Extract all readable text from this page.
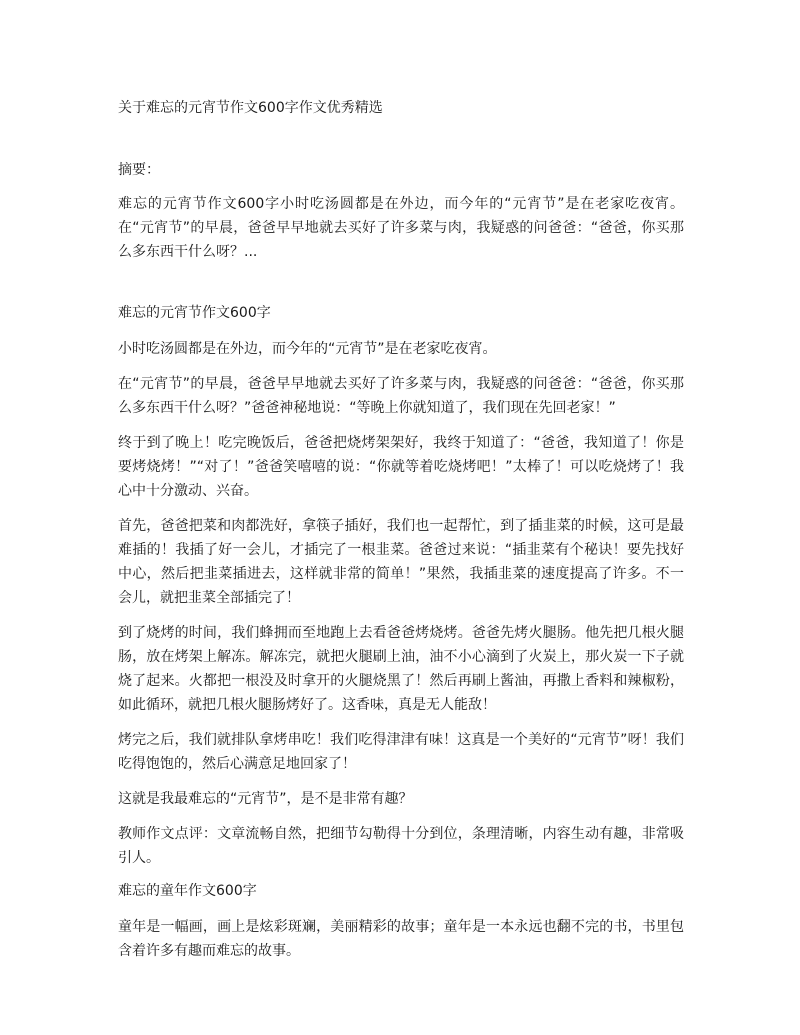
关于难忘的元宵节作文600字作文优秀精选
摘要：
难忘的元宵节作文600字小时吃汤圆都是在外边，而今年的“元宵节”是在老家吃夜宵。在“元宵节”的早晨，爸爸早早地就去买好了许多菜与肉，我疑惑的问爸爸：“爸爸，你买那么多东西干什么呀？...
难忘的元宵节作文600字

小时吃汤圆都是在外边，而今年的“元宵节”是在老家吃夜宵。

在“元宵节”的早晨，爸爸早早地就去买好了许多菜与肉，我疑惑的问爸爸：“爸爸，你买那么多东西干什么呀？”爸爸神秘地说：“等晚上你就知道了，我们现在先回老家！”

终于到了晚上！吃完晚饭后，爸爸把烧烤架架好，我终于知道了：“爸爸，我知道了！你是要烤烧烤！”“对了！”爸爸笑嘻嘻的说：“你就等着吃烧烤吧！”太棒了！可以吃烧烤了！我心中十分激动、兴奋。

首先，爸爸把菜和肉都洗好，拿筷子插好，我们也一起帮忙，到了插韭菜的时候，这可是最难插的！我插了好一会儿，才插完了一根韭菜。爸爸过来说：“插韭菜有个秘诀！要先找好中心，然后把韭菜插进去，这样就非常的简单！”果然，我插韭菜的速度提高了许多。不一会儿，就把韭菜全部插完了！

到了烧烤的时间，我们蜂拥而至地跑上去看爸爸烤烧烤。爸爸先烤火腿肠。他先把几根火腿肠，放在烤架上解冻。解冻完，就把火腿刷上油，油不小心滴到了火炭上，那火炭一下子就烧了起来。火都把一根没及时拿开的火腿烧黑了！然后再刷上酱油，再撒上香料和辣椒粉，如此循环，就把几根火腿肠烤好了。这香味，真是无人能敌！

烤完之后，我们就排队拿烤串吃！我们吃得津津有味！这真是一个美好的“元宵节”呀！我们吃得饱饱的，然后心满意足地回家了！

这就是我最难忘的“元宵节”，是不是非常有趣？

教师作文点评：文章流畅自然，把细节勾勒得十分到位，条理清晰，内容生动有趣，非常吸引人。

难忘的童年作文600字

童年是一幅画，画上是炫彩斑斓，美丽精彩的故事；童年是一本永远也翻不完的书，书里包含着许多有趣而难忘的故事。
